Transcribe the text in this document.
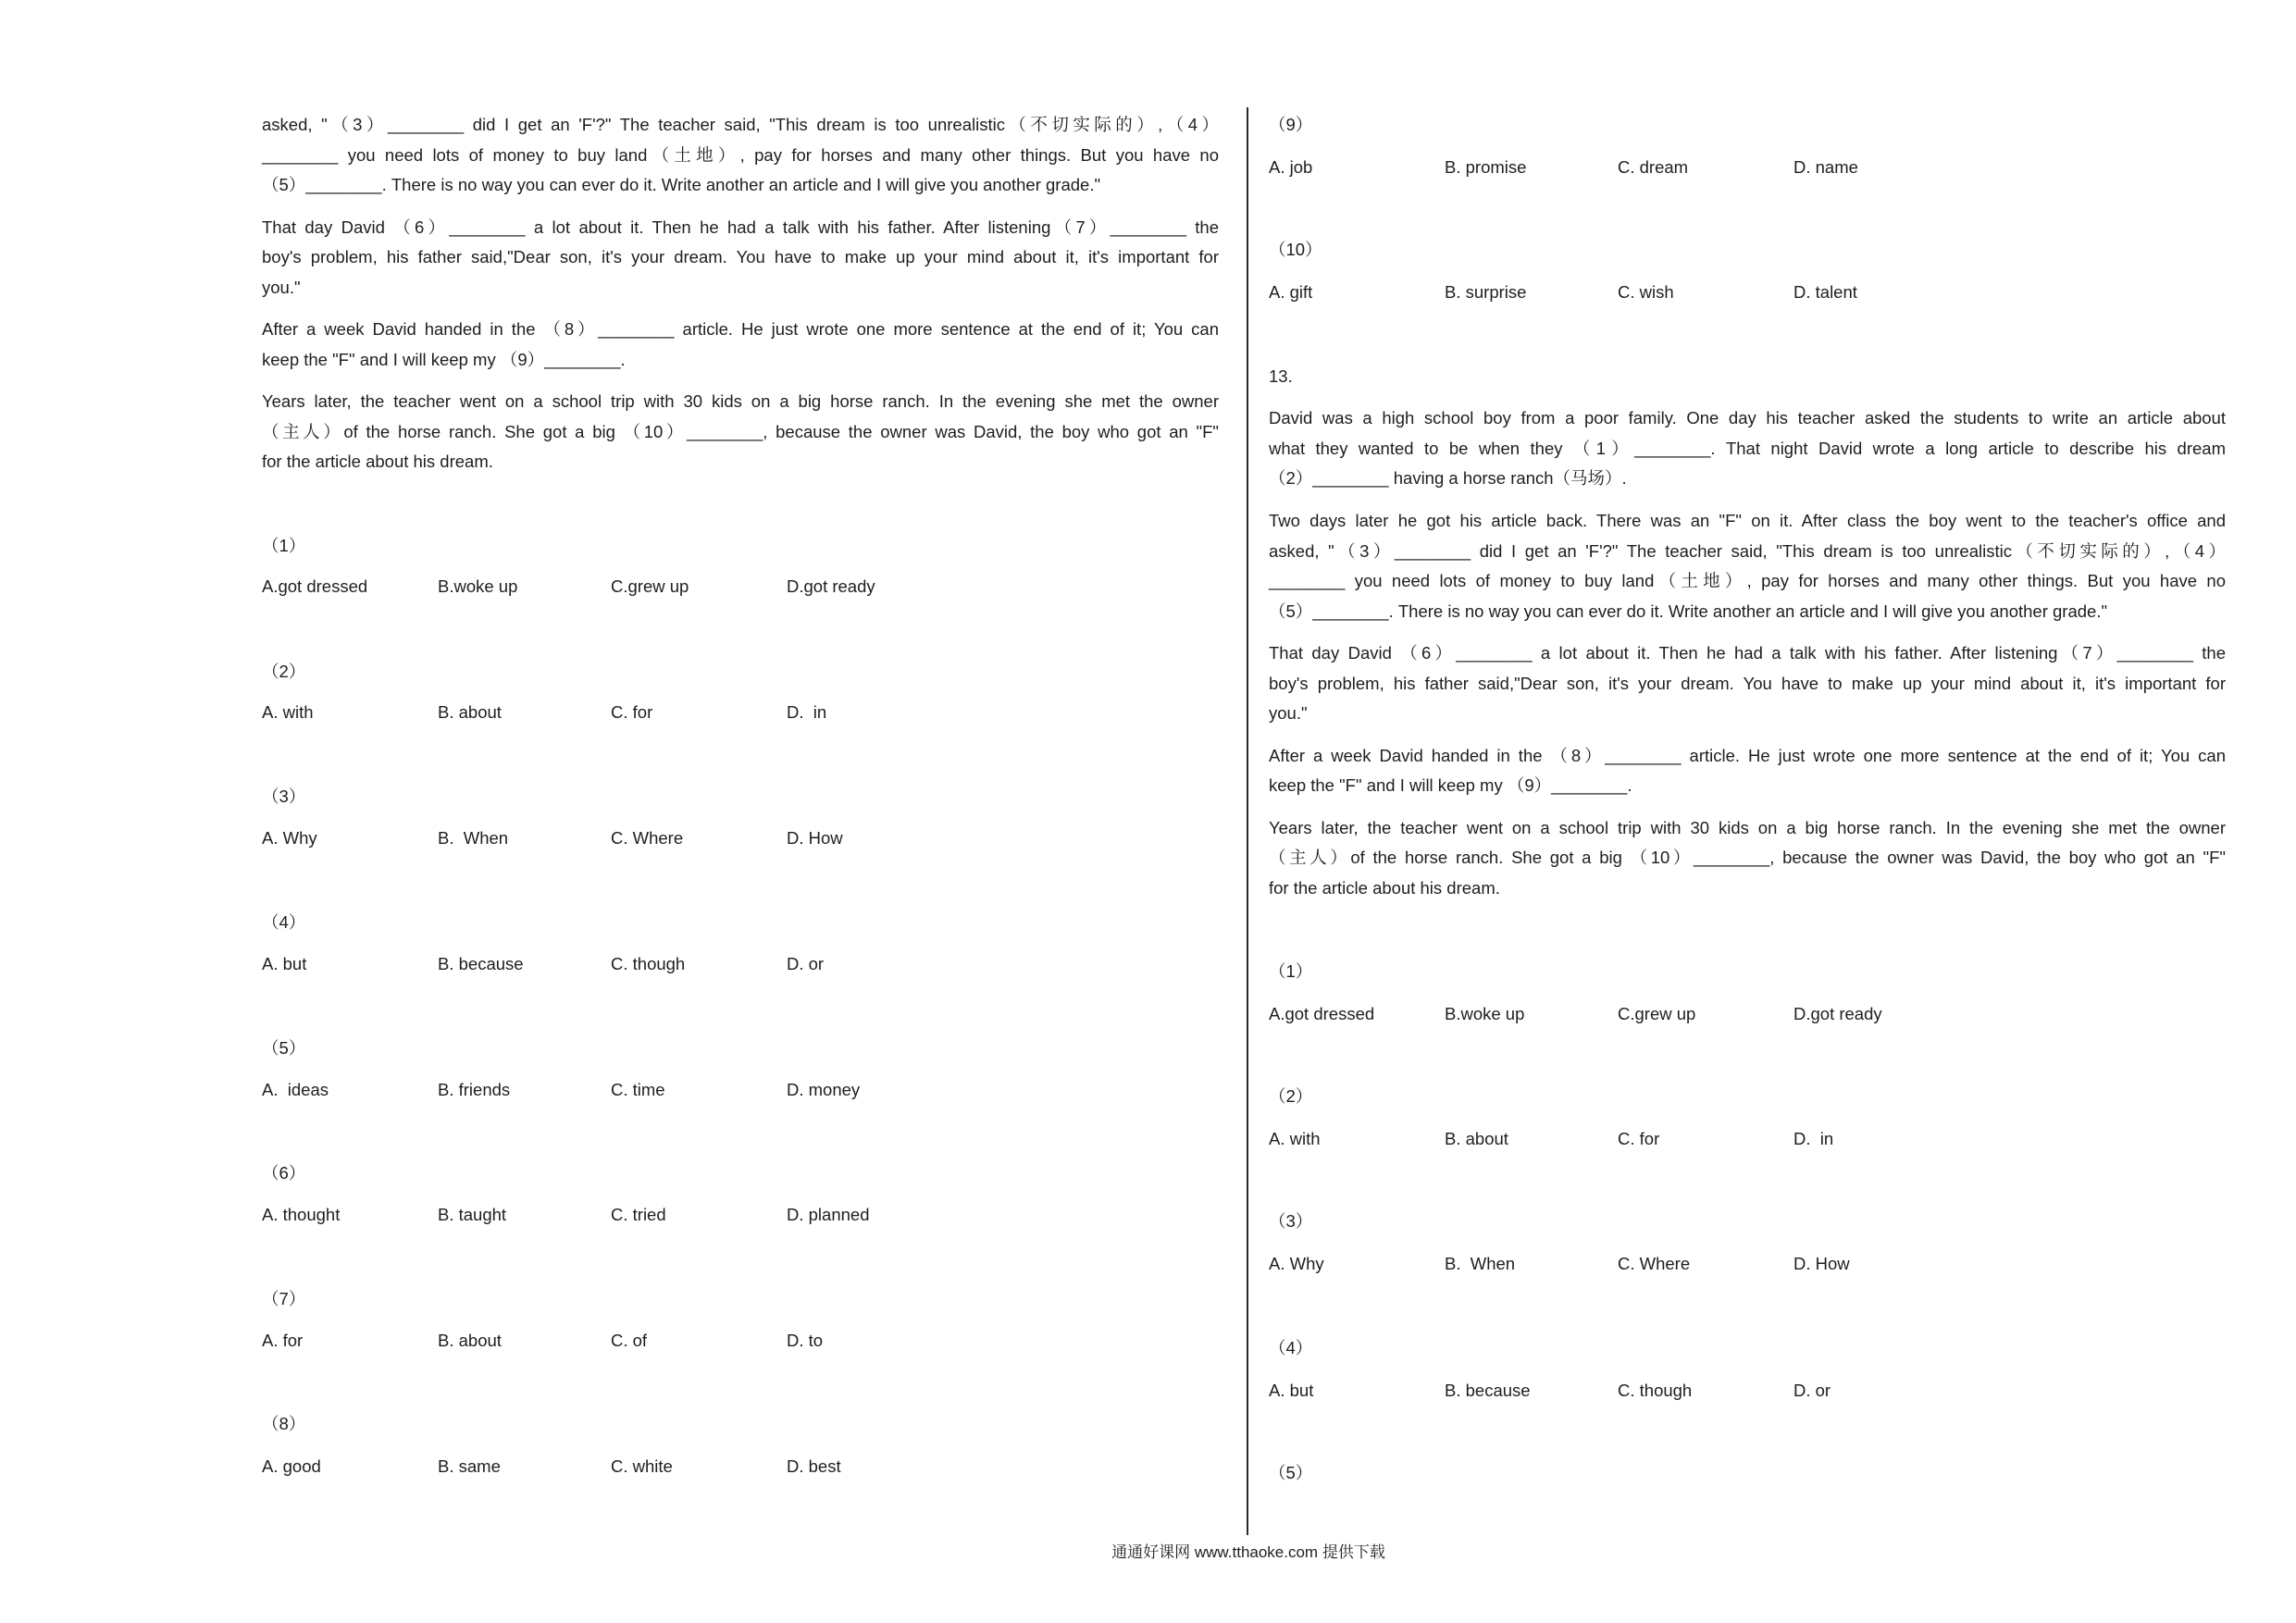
asked, "（3）________ did I get an 'F'?" The teacher said, "This dream is too unrealistic（不切实际的）,（4）
________ you need lots of money to buy land（土地）, pay for horses and many other things. But you have no
（5）________. There is no way you can ever do it. Write another an article and I will give you another grade."
That day David （6）________ a lot about it. Then he had a talk with his father. After listening（7）________ the
boy's problem, his father said,"Dear son, it's your dream. You have to make up your mind about it, it's important for
you."
After a week David handed in the （8）________ article. He just wrote one more sentence at the end of it; You can
keep the "F" and I will keep my （9）________.
Years later, the teacher went on a school trip with 30 kids on a big horse ranch. In the evening she met the owner
（主人）of the horse ranch. She got a big （10）________, because the owner was David, the boy who got an "F"
for the article about his dream.
（1）
A.got dressed	B.woke up	C.grew up	D.got ready
（2）
A. with	B. about	C. for	D.  in
（3）
A. Why	B.  When	C. Where	D. How
（4）
A. but	B. because	C. though	D. or
（5）
A.  ideas	B. friends	C. time	D. money
（6）
A. thought	B. taught	C. tried	D. planned
（7）
A. for	B. about	C. of	D. to
（8）
A. good	B. same	C. white	D. best
（9）
A. job	B. promise	C. dream	D. name
（10）
A. gift	B. surprise	C. wish	D. talent
13.
David was a high school boy from a poor family. One day his teacher asked the students to write an article about
what they wanted to be when they （1）________. That night David wrote a long article to describe his dream
（2）________ having a horse ranch（马场）.
Two days later he got his article back. There was an "F" on it. After class the boy went to the teacher's office and
asked, "（3）________ did I get an 'F'?" The teacher said, "This dream is too unrealistic（不切实际的）,（4）
________ you need lots of money to buy land（土地）, pay for horses and many other things. But you have no
（5）________. There is no way you can ever do it. Write another an article and I will give you another grade."
That day David （6）________ a lot about it. Then he had a talk with his father. After listening（7）________ the
boy's problem, his father said,"Dear son, it's your dream. You have to make up your mind about it, it's important for
you."
After a week David handed in the （8）________ article. He just wrote one more sentence at the end of it; You can
keep the "F" and I will keep my （9）________.
Years later, the teacher went on a school trip with 30 kids on a big horse ranch. In the evening she met the owner
（主人）of the horse ranch. She got a big （10）________, because the owner was David, the boy who got an "F"
for the article about his dream.
（1）
A.got dressed	B.woke up	C.grew up	D.got ready
（2）
A. with	B. about	C. for	D.  in
（3）
A. Why	B.  When	C. Where	D. How
（4）
A. but	B. because	C. though	D. or
（5）
通通好课网 www.tthaoke.com 提供下载
